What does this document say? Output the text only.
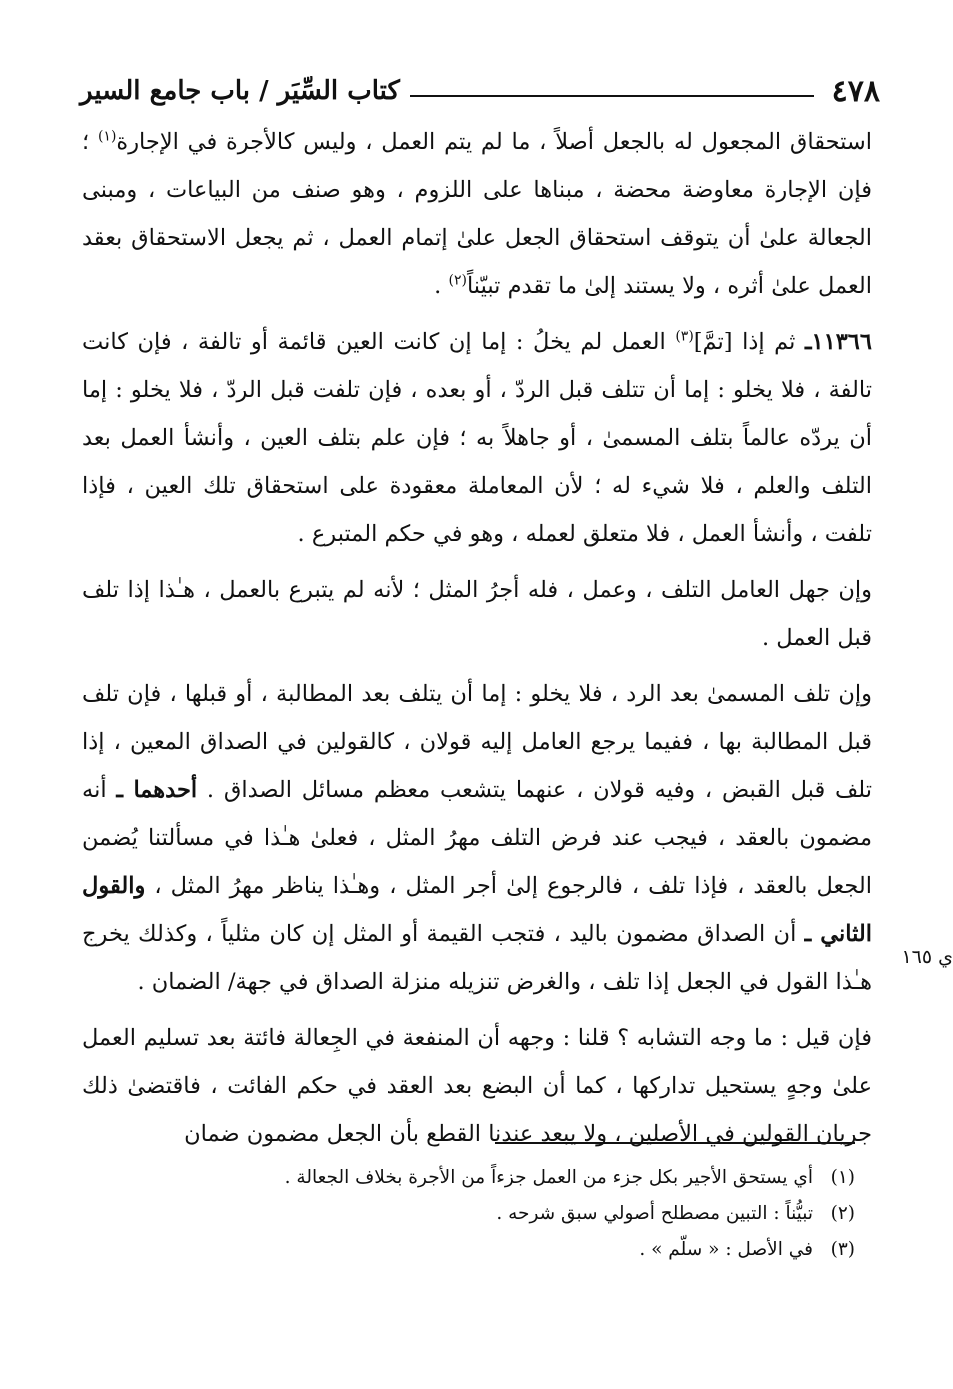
٤٧٨
كتاب السِّيَر / باب جامع السير

استحقاق المجعول له بالجعل أصلاً ، ما لم يتم العمل ، وليس كالأجرة في الإجارة$^{(١)}$ ؛ فإن الإجارة معاوضة محضة ، مبناها على اللزوم ، وهو صنف من البياعات ، ومبنى الجعالة علىٰ أن يتوقف استحقاق الجعل علىٰ إتمام العمل ، ثم يجعل الاستحقاق بعقد العمل علىٰ أثره ، ولا يستند إلىٰ ما تقدم تبيّناً$^{(٢)}$ .

١١٣٦٦ـ ثم إذا [تمَّ]$^{(٣)}$ العمل لم يخلُ : إما إن كانت العين قائمة أو تالفة ، فإن كانت تالفة ، فلا يخلو : إما أن تتلف قبل الردّ ، أو بعده ، فإن تلفت قبل الردّ ، فلا يخلو : إما أن يردّه عالماً بتلف المسمىٰ ، أو جاهلاً به ؛ فإن علم بتلف العين ، وأنشأ العمل بعد التلف والعلم ، فلا شيء له ؛ لأن المعاملة معقودة على استحقاق تلك العين ، فإذا تلفت ، وأنشأ العمل ، فلا متعلق لعمله ، وهو في حكم المتبرع .

وإن جهل العامل التلف ، وعمل ، فله أجرُ المثل ؛ لأنه لم يتبرع بالعمل ، هـٰذا إذا تلف قبل العمل .

وإن تلف المسمىٰ بعد الرد ، فلا يخلو : إما أن يتلف بعد المطالبة ، أو قبلها ، فإن تلف قبل المطالبة بها ، ففيما يرجع العامل إليه قولان ، كالقولين في الصداق المعين ، إذا تلف قبل القبض ، وفيه قولان ، عنهما يتشعب معظم مسائل الصداق . أحدهما ـ أنه مضمون بالعقد ، فيجب عند فرض التلف مهرُ المثل ، فعلىٰ هـٰذا في مسألتنا يُضمن الجعل بالعقد ، فإذا تلف ، فالرجوع إلىٰ أجر المثل ، وهـٰذا يناظر مهرُ المثل ، والقول الثاني ـ أن الصداق مضمون باليد ، فتجب القيمة أو المثل إن كان مثلياً ، وكذلك يخرج هـٰذا القول في الجعل إذا تلف ، والغرض تنزيله منزلة الصداق في جهة/ الضمان .

فإن قيل : ما وجه التشابه ؟ قلنا : وجهه أن المنفعة في الجِعالة فائتة بعد تسليم العمل علىٰ وجهٍ يستحيل تداركها ، كما أن البضع بعد العقد في حكم الفائت ، فاقتضىٰ ذلك جريان القولين في الأصلين ، ولا يبعد عندنا القطع بأن الجعل مضمون ضمان

ي ١٦٥
(١)
أي يستحق الأجير بكل جزء من العمل جزءاً من الأجرة بخلاف الجعالة .
(٢)
تبيُّناً : التبين مصطلح أصولي سبق شرحه .
(٣)
في الأصل : « سلّم » .
